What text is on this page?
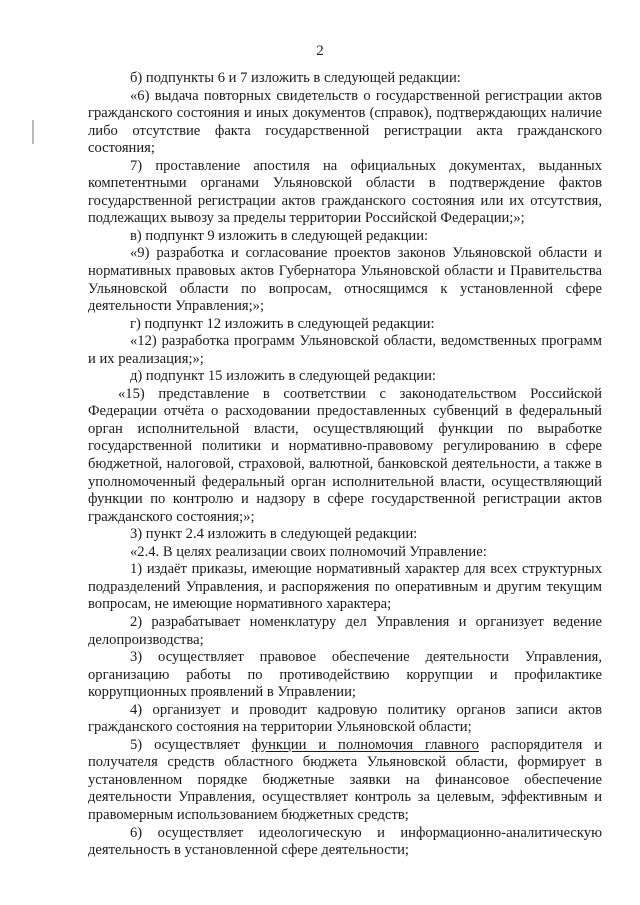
2

б) подпункты 6 и 7 изложить в следующей редакции:

«6) выдача повторных свидетельств о государственной регистрации актов гражданского состояния и иных документов (справок), подтверждающих наличие либо отсутствие факта государственной регистрации акта гражданского состояния;

7) проставление апостиля на официальных документах, выданных компетентными органами Ульяновской области в подтверждение фактов государственной регистрации актов гражданского состояния или их отсутствия, подлежащих вывозу за пределы территории Российской Федерации;»;

в) подпункт 9 изложить в следующей редакции:

«9) разработка и согласование проектов законов Ульяновской области и нормативных правовых актов Губернатора Ульяновской области и Правительства Ульяновской области по вопросам, относящимся к установленной сфере деятельности Управления;»;

г) подпункт 12 изложить в следующей редакции:

«12) разработка программ Ульяновской области, ведомственных программ и их реализация;»;

д) подпункт 15 изложить в следующей редакции:

«15) представление в соответствии с законодательством Российской Федерации отчёта о расходовании предоставленных субвенций в федеральный орган исполнительной власти, осуществляющий функции по выработке государственной политики и нормативно-правовому регулированию в сфере бюджетной, налоговой, страховой, валютной, банковской деятельности, а также в уполномоченный федеральный орган исполнительной власти, осуществляющий функции по контролю и надзору в сфере государственной регистрации актов гражданского состояния;»;

3) пункт 2.4 изложить в следующей редакции:

«2.4. В целях реализации своих полномочий Управление:

1) издаёт приказы, имеющие нормативный характер для всех структурных подразделений Управления, и распоряжения по оперативным и другим текущим вопросам, не имеющие нормативного характера;

2) разрабатывает номенклатуру дел Управления и организует ведение делопроизводства;

3) осуществляет правовое обеспечение деятельности Управления, организацию работы по противодействию коррупции и профилактике коррупционных проявлений в Управлении;

4) организует и проводит кадровую политику органов записи актов гражданского состояния на территории Ульяновской области;

5) осуществляет функции и полномочия главного распорядителя и получателя средств областного бюджета Ульяновской области, формирует в установленном порядке бюджетные заявки на финансовое обеспечение деятельности Управления, осуществляет контроль за целевым, эффективным и правомерным использованием бюджетных средств;

6) осуществляет идеологическую и информационно-аналитическую деятельность в установленной сфере деятельности;
